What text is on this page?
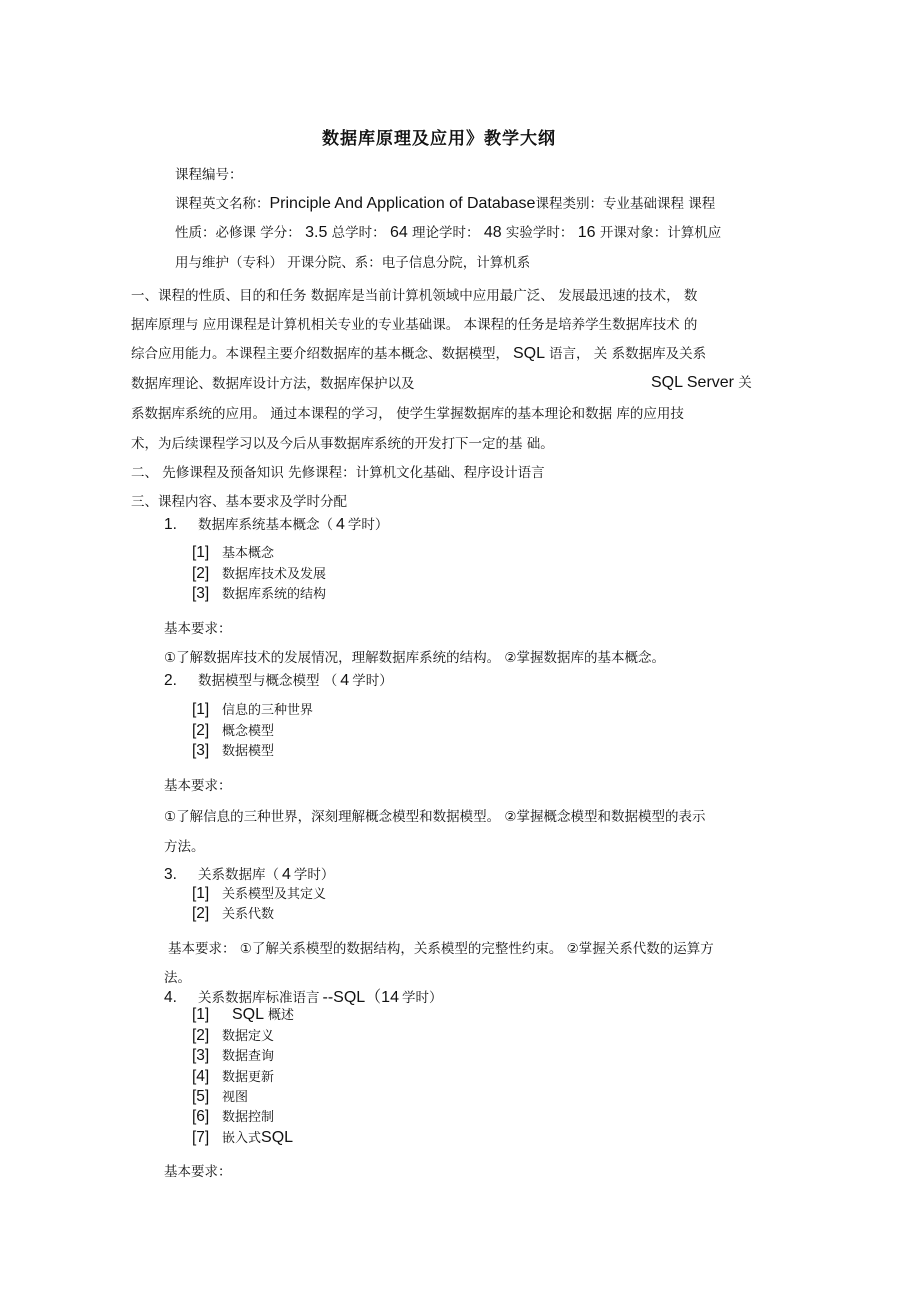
数据库原理及应用》教学大纲
课程编号：
课程英文名称：Principle And Application of Database课程类别：专业基础课程 课程
性质：必修课 学分： 3.5 总学时： 64 理论学时： 48 实验学时： 16 开课对象：计算机应
用与维护（专科） 开课分院、系：电子信息分院，计算机系
一、课程的性质、目的和任务 数据库是当前计算机领域中应用最广泛、 发展最迅速的技术， 数
据库原理与 应用课程是计算机相关专业的专业基础课。 本课程的任务是培养学生数据库技术 的
综合应用能力。本课程主要介绍数据库的基本概念、数据模型， SQL 语言， 关 系数据库及关系
数据库理论、数据库设计方法，数据库保护以及	SQL Server 关
系数据库系统的应用。 通过本课程的学习， 使学生掌握数据库的基本理论和数据 库的应用技
术，为后续课程学习以及今后从事数据库系统的开发打下一定的基 础。
二、 先修课程及预备知识 先修课程：计算机文化基础、程序设计语言
三、课程内容、基本要求及学时分配
1. 数据库系统基本概念（ 4 学时）
[1] 基本概念
[2] 数据库技术及发展
[3] 数据库系统的结构
基本要求：
①了解数据库技术的发展情况，理解数据库系统的结构。 ②掌握数据库的基本概念。
2. 数据模型与概念模型 （ 4 学时）
[1] 信息的三种世界
[2] 概念模型
[3] 数据模型
基本要求：
①了解信息的三种世界，深刻理解概念模型和数据模型。 ②掌握概念模型和数据模型的表示
方法。
3. 关系数据库（ 4 学时）
[1] 关系模型及其定义
[2] 关系代数
基本要求： ①了解关系模型的数据结构，关系模型的完整性约束。 ②掌握关系代数的运算方
法。
4. 关系数据库标准语言 --SQL（14 学时）
[1] SQL 概述
[2] 数据定义
[3] 数据查询
[4] 数据更新
[5] 视图
[6] 数据控制
[7] 嵌入式SQL
基本要求：
